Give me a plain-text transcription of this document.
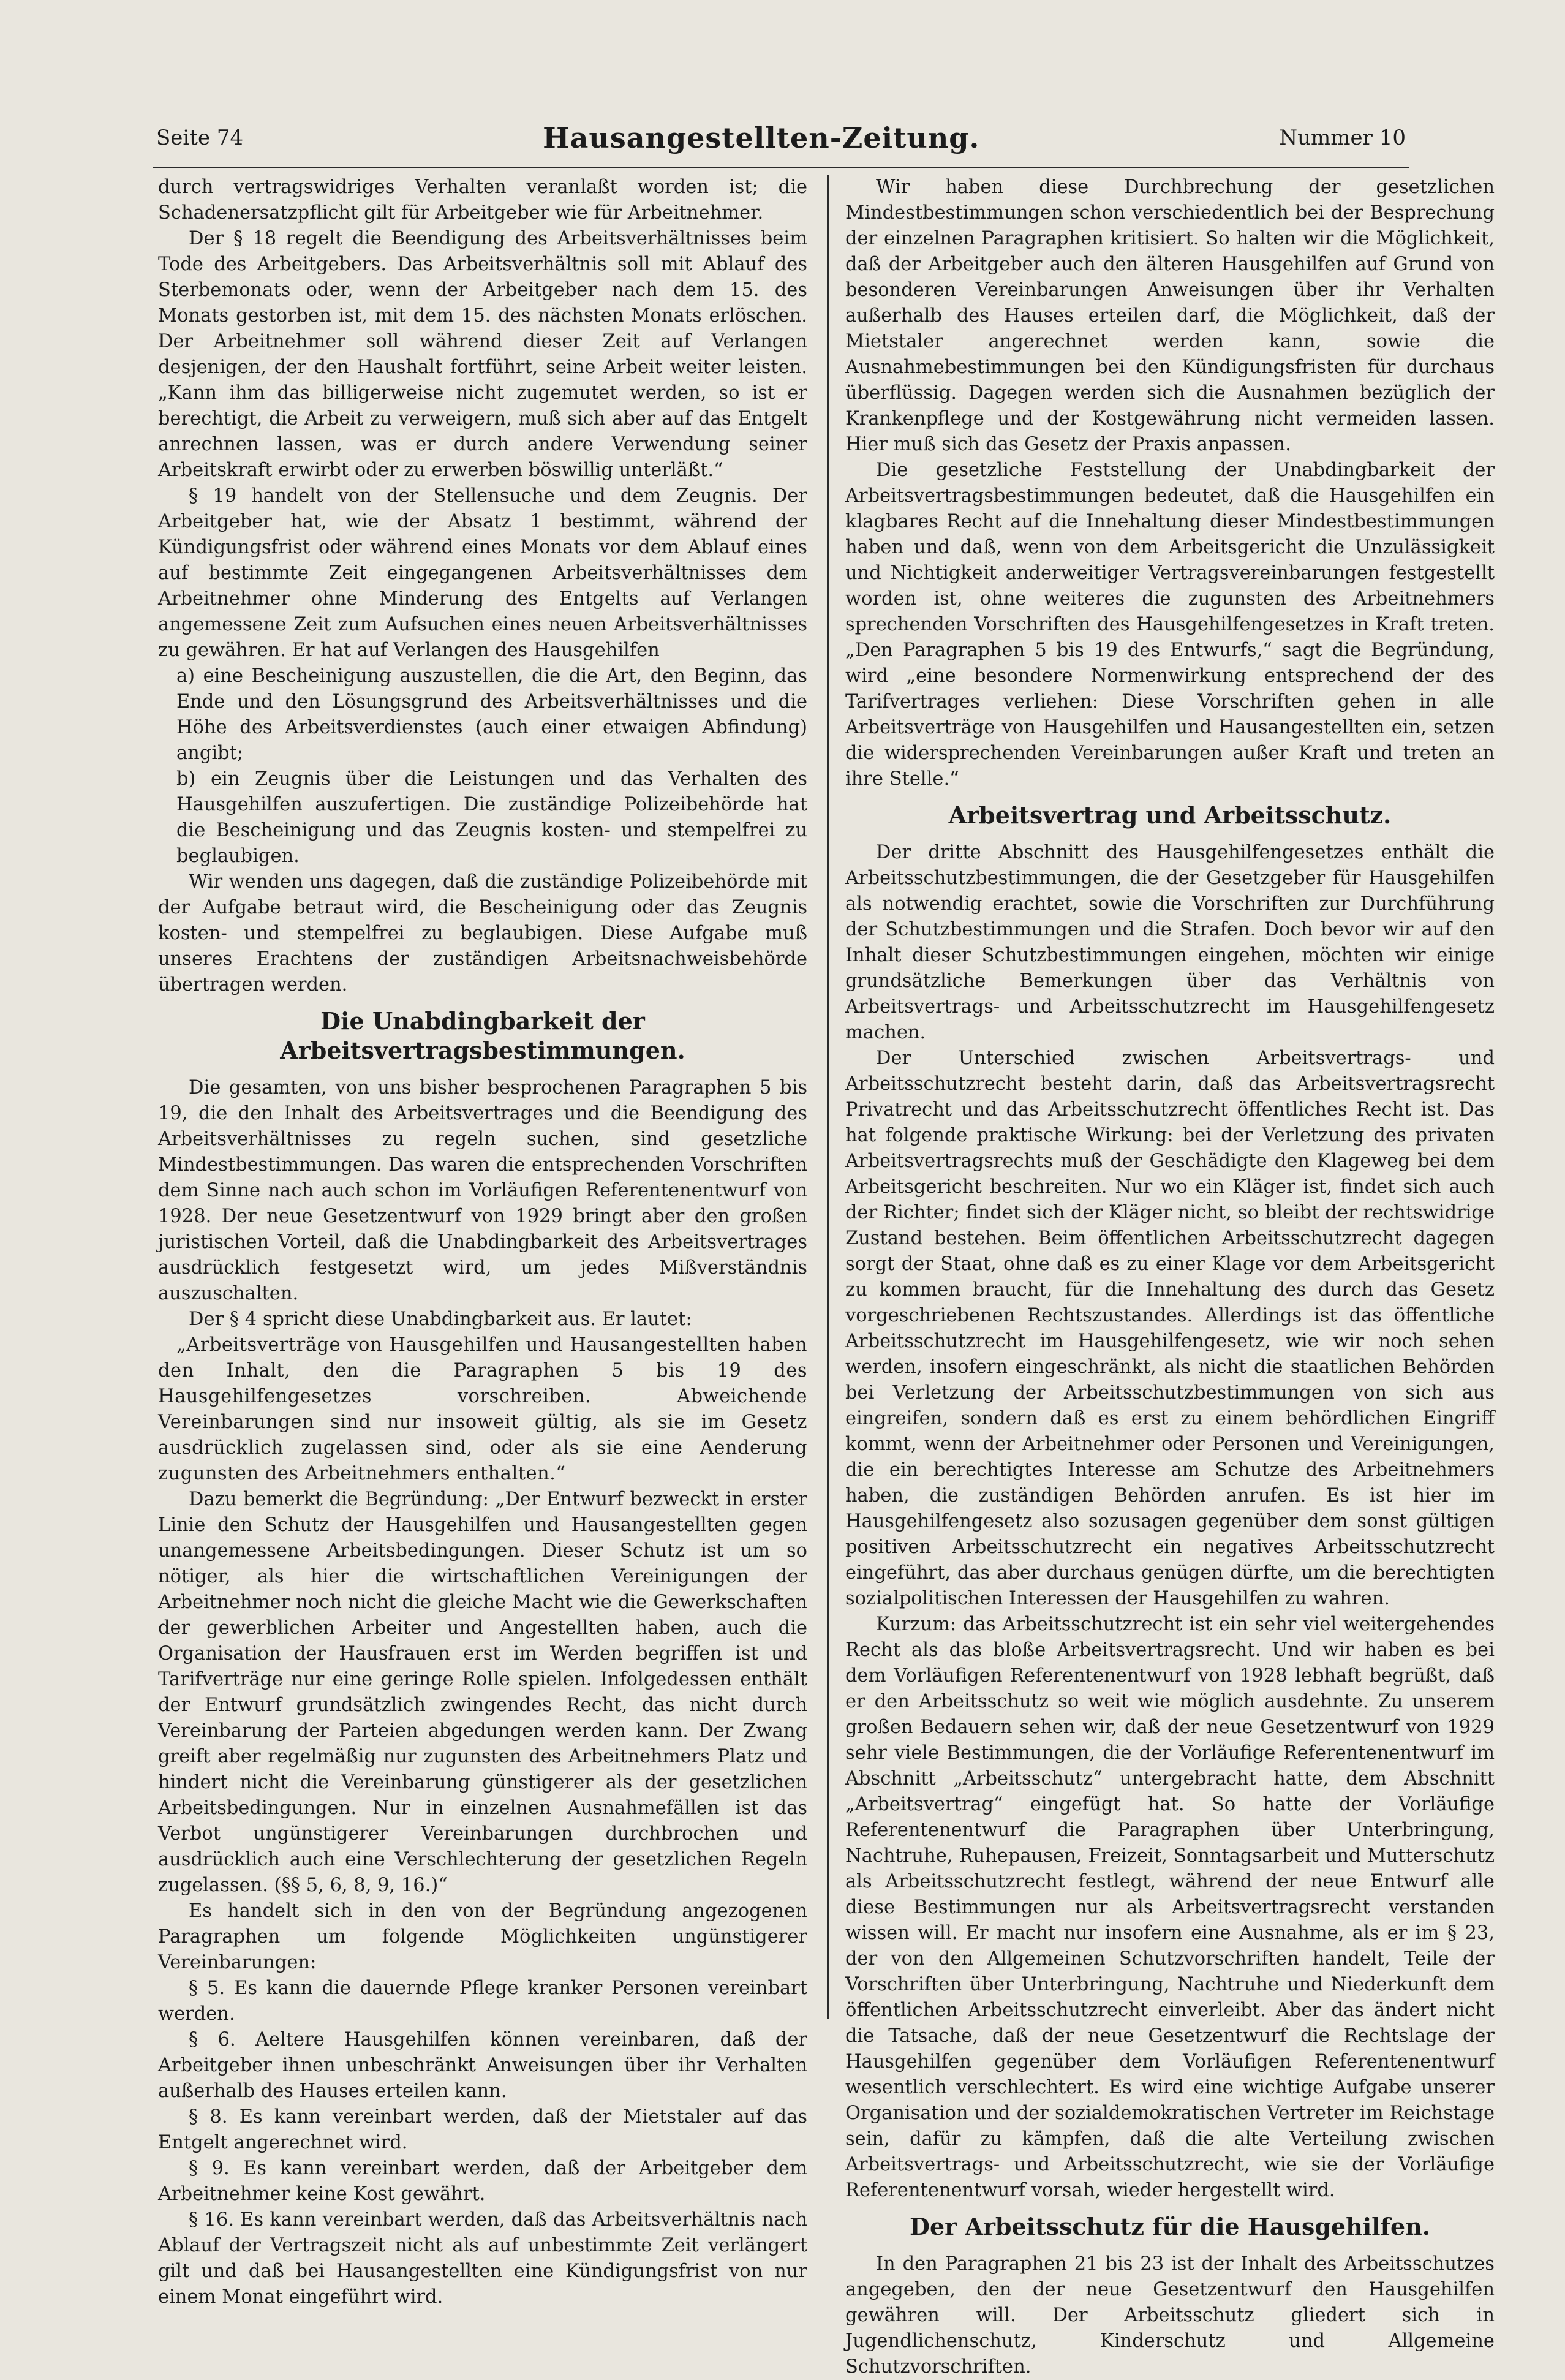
Seite 74	Hausangestellten-Zeitung.	Nummer 10

durch vertragswidriges Verhalten veranlaßt worden ist; die Schadenersatzpflicht gilt für Arbeitgeber wie für Arbeitnehmer.

Der § 18 regelt die Beendigung des Arbeitsverhältnisses beim Tode des Arbeitgebers. Das Arbeitsverhältnis soll mit Ablauf des Sterbemonats oder, wenn der Arbeitgeber nach dem 15. des Monats gestorben ist, mit dem 15. des nächsten Monats erlöschen. Der Arbeitnehmer soll während dieser Zeit auf Verlangen desjenigen, der den Haushalt fortführt, seine Arbeit weiter leisten. „Kann ihm das billigerweise nicht zugemutet werden, so ist er berechtigt, die Arbeit zu verweigern, muß sich aber auf das Entgelt anrechnen lassen, was er durch andere Verwendung seiner Arbeitskraft erwirbt oder zu erwerben böswillig unterläßt.“

§ 19 handelt von der Stellensuche und dem Zeugnis. Der Arbeitgeber hat, wie der Absatz 1 bestimmt, während der Kündigungsfrist oder während eines Monats vor dem Ablauf eines auf bestimmte Zeit eingegangenen Arbeitsverhältnisses dem Arbeitnehmer ohne Minderung des Entgelts auf Verlangen angemessene Zeit zum Aufsuchen eines neuen Arbeitsverhältnisses zu gewähren. Er hat auf Verlangen des Hausgehilfen

a) eine Bescheinigung auszustellen, die die Art, den Beginn, das Ende und den Lösungsgrund des Arbeitsverhältnisses und die Höhe des Arbeitsverdienstes (auch einer etwaigen Abfindung) angibt;

b) ein Zeugnis über die Leistungen und das Verhalten des Hausgehilfen auszufertigen. Die zuständige Polizeibehörde hat die Bescheinigung und das Zeugnis kosten- und stempelfrei zu beglaubigen.

Wir wenden uns dagegen, daß die zuständige Polizeibehörde mit der Aufgabe betraut wird, die Bescheinigung oder das Zeugnis kosten- und stempelfrei zu beglaubigen. Diese Aufgabe muß unseres Erachtens der zuständigen Arbeitsnachweisbehörde übertragen werden.

Die Unabdingbarkeit der Arbeitsvertragsbestimmungen.

Die gesamten, von uns bisher besprochenen Paragraphen 5 bis 19, die den Inhalt des Arbeitsvertrages und die Beendigung des Arbeitsverhältnisses zu regeln suchen, sind gesetzliche Mindestbestimmungen. Das waren die entsprechenden Vorschriften dem Sinne nach auch schon im Vorläufigen Referentenentwurf von 1928. Der neue Gesetzentwurf von 1929 bringt aber den großen juristischen Vorteil, daß die Unabdingbarkeit des Arbeitsvertrages ausdrücklich festgesetzt wird, um jedes Mißverständnis auszuschalten.

Der § 4 spricht diese Unabdingbarkeit aus. Er lautet:

„Arbeitsverträge von Hausgehilfen und Hausangestellten haben den Inhalt, den die Paragraphen 5 bis 19 des Hausgehilfengesetzes vorschreiben. Abweichende Vereinbarungen sind nur insoweit gültig, als sie im Gesetz ausdrücklich zugelassen sind, oder als sie eine Aenderung zugunsten des Arbeitnehmers enthalten.“

Dazu bemerkt die Begründung: „Der Entwurf bezweckt in erster Linie den Schutz der Hausgehilfen und Hausangestellten gegen unangemessene Arbeitsbedingungen. Dieser Schutz ist um so nötiger, als hier die wirtschaftlichen Vereinigungen der Arbeitnehmer noch nicht die gleiche Macht wie die Gewerkschaften der gewerblichen Arbeiter und Angestellten haben, auch die Organisation der Hausfrauen erst im Werden begriffen ist und Tarifverträge nur eine geringe Rolle spielen. Infolgedessen enthält der Entwurf grundsätzlich zwingendes Recht, das nicht durch Vereinbarung der Parteien abgedungen werden kann. Der Zwang greift aber regelmäßig nur zugunsten des Arbeitnehmers Platz und hindert nicht die Vereinbarung günstigerer als der gesetzlichen Arbeitsbedingungen. Nur in einzelnen Ausnahmefällen ist das Verbot ungünstigerer Vereinbarungen durchbrochen und ausdrücklich auch eine Verschlechterung der gesetzlichen Regeln zugelassen. (§§ 5, 6, 8, 9, 16.)“

Es handelt sich in den von der Begründung angezogenen Paragraphen um folgende Möglichkeiten ungünstigerer Vereinbarungen:

§ 5. Es kann die dauernde Pflege kranker Personen vereinbart werden.

§ 6. Aeltere Hausgehilfen können vereinbaren, daß der Arbeitgeber ihnen unbeschränkt Anweisungen über ihr Verhalten außerhalb des Hauses erteilen kann.

§ 8. Es kann vereinbart werden, daß der Mietstaler auf das Entgelt angerechnet wird.

§ 9. Es kann vereinbart werden, daß der Arbeitgeber dem Arbeitnehmer keine Kost gewährt.

§ 16. Es kann vereinbart werden, daß das Arbeitsverhältnis nach Ablauf der Vertragszeit nicht als auf unbestimmte Zeit verlängert gilt und daß bei Hausangestellten eine Kündigungsfrist von nur einem Monat eingeführt wird.

Wir haben diese Durchbrechung der gesetzlichen Mindestbestimmungen schon verschiedentlich bei der Besprechung der einzelnen Paragraphen kritisiert. So halten wir die Möglichkeit, daß der Arbeitgeber auch den älteren Hausgehilfen auf Grund von besonderen Vereinbarungen Anweisungen über ihr Verhalten außerhalb des Hauses erteilen darf, die Möglichkeit, daß der Mietstaler angerechnet werden kann, sowie die Ausnahmebestimmungen bei den Kündigungsfristen für durchaus überflüssig. Dagegen werden sich die Ausnahmen bezüglich der Krankenpflege und der Kostgewährung nicht vermeiden lassen. Hier muß sich das Gesetz der Praxis anpassen.

Die gesetzliche Feststellung der Unabdingbarkeit der Arbeitsvertragsbestimmungen bedeutet, daß die Hausgehilfen ein klagbares Recht auf die Innehaltung dieser Mindestbestimmungen haben und daß, wenn von dem Arbeitsgericht die Unzulässigkeit und Nichtigkeit anderweitiger Vertragsvereinbarungen festgestellt worden ist, ohne weiteres die zugunsten des Arbeitnehmers sprechenden Vorschriften des Hausgehilfengesetzes in Kraft treten. „Den Paragraphen 5 bis 19 des Entwurfs,“ sagt die Begründung, wird „eine besondere Normenwirkung entsprechend der des Tarifvertrages verliehen: Diese Vorschriften gehen in alle Arbeitsverträge von Hausgehilfen und Hausangestellten ein, setzen die widersprechenden Vereinbarungen außer Kraft und treten an ihre Stelle.“

Arbeitsvertrag und Arbeitsschutz.

Der dritte Abschnitt des Hausgehilfengesetzes enthält die Arbeitsschutzbestimmungen, die der Gesetzgeber für Hausgehilfen als notwendig erachtet, sowie die Vorschriften zur Durchführung der Schutzbestimmungen und die Strafen. Doch bevor wir auf den Inhalt dieser Schutzbestimmungen eingehen, möchten wir einige grundsätzliche Bemerkungen über das Verhältnis von Arbeitsvertrags- und Arbeitsschutzrecht im Hausgehilfengesetz machen.

Der Unterschied zwischen Arbeitsvertrags- und Arbeitsschutzrecht besteht darin, daß das Arbeitsvertragsrecht Privatrecht und das Arbeitsschutzrecht öffentliches Recht ist. Das hat folgende praktische Wirkung: bei der Verletzung des privaten Arbeitsvertragsrechts muß der Geschädigte den Klageweg bei dem Arbeitsgericht beschreiten. Nur wo ein Kläger ist, findet sich auch der Richter; findet sich der Kläger nicht, so bleibt der rechtswidrige Zustand bestehen. Beim öffentlichen Arbeitsschutzrecht dagegen sorgt der Staat, ohne daß es zu einer Klage vor dem Arbeitsgericht zu kommen braucht, für die Innehaltung des durch das Gesetz vorgeschriebenen Rechtszustandes. Allerdings ist das öffentliche Arbeitsschutzrecht im Hausgehilfengesetz, wie wir noch sehen werden, insofern eingeschränkt, als nicht die staatlichen Behörden bei Verletzung der Arbeitsschutzbestimmungen von sich aus eingreifen, sondern daß es erst zu einem behördlichen Eingriff kommt, wenn der Arbeitnehmer oder Personen und Vereinigungen, die ein berechtigtes Interesse am Schutze des Arbeitnehmers haben, die zuständigen Behörden anrufen. Es ist hier im Hausgehilfengesetz also sozusagen gegenüber dem sonst gültigen positiven Arbeitsschutzrecht ein negatives Arbeitsschutzrecht eingeführt, das aber durchaus genügen dürfte, um die berechtigten sozialpolitischen Interessen der Hausgehilfen zu wahren.

Kurzum: das Arbeitsschutzrecht ist ein sehr viel weitergehendes Recht als das bloße Arbeitsvertragsrecht. Und wir haben es bei dem Vorläufigen Referentenentwurf von 1928 lebhaft begrüßt, daß er den Arbeitsschutz so weit wie möglich ausdehnte. Zu unserem großen Bedauern sehen wir, daß der neue Gesetzentwurf von 1929 sehr viele Bestimmungen, die der Vorläufige Referentenentwurf im Abschnitt „Arbeitsschutz“ untergebracht hatte, dem Abschnitt „Arbeitsvertrag“ eingefügt hat. So hatte der Vorläufige Referentenentwurf die Paragraphen über Unterbringung, Nachtruhe, Ruhepausen, Freizeit, Sonntagsarbeit und Mutterschutz als Arbeitsschutzrecht festlegt, während der neue Entwurf alle diese Bestimmungen nur als Arbeitsvertragsrecht verstanden wissen will. Er macht nur insofern eine Ausnahme, als er im § 23, der von den Allgemeinen Schutzvorschriften handelt, Teile der Vorschriften über Unterbringung, Nachtruhe und Niederkunft dem öffentlichen Arbeitsschutzrecht einverleibt. Aber das ändert nicht die Tatsache, daß der neue Gesetzentwurf die Rechtslage der Hausgehilfen gegenüber dem Vorläufigen Referentenentwurf wesentlich verschlechtert. Es wird eine wichtige Aufgabe unserer Organisation und der sozialdemokratischen Vertreter im Reichstage sein, dafür zu kämpfen, daß die alte Verteilung zwischen Arbeitsvertrags- und Arbeitsschutzrecht, wie sie der Vorläufige Referentenentwurf vorsah, wieder hergestellt wird.

Der Arbeitsschutz für die Hausgehilfen.

In den Paragraphen 21 bis 23 ist der Inhalt des Arbeitsschutzes angegeben, den der neue Gesetzentwurf den Hausgehilfen gewähren will. Der Arbeitsschutz gliedert sich in Jugendlichenschutz, Kinderschutz und Allgemeine Schutzvorschriften.
